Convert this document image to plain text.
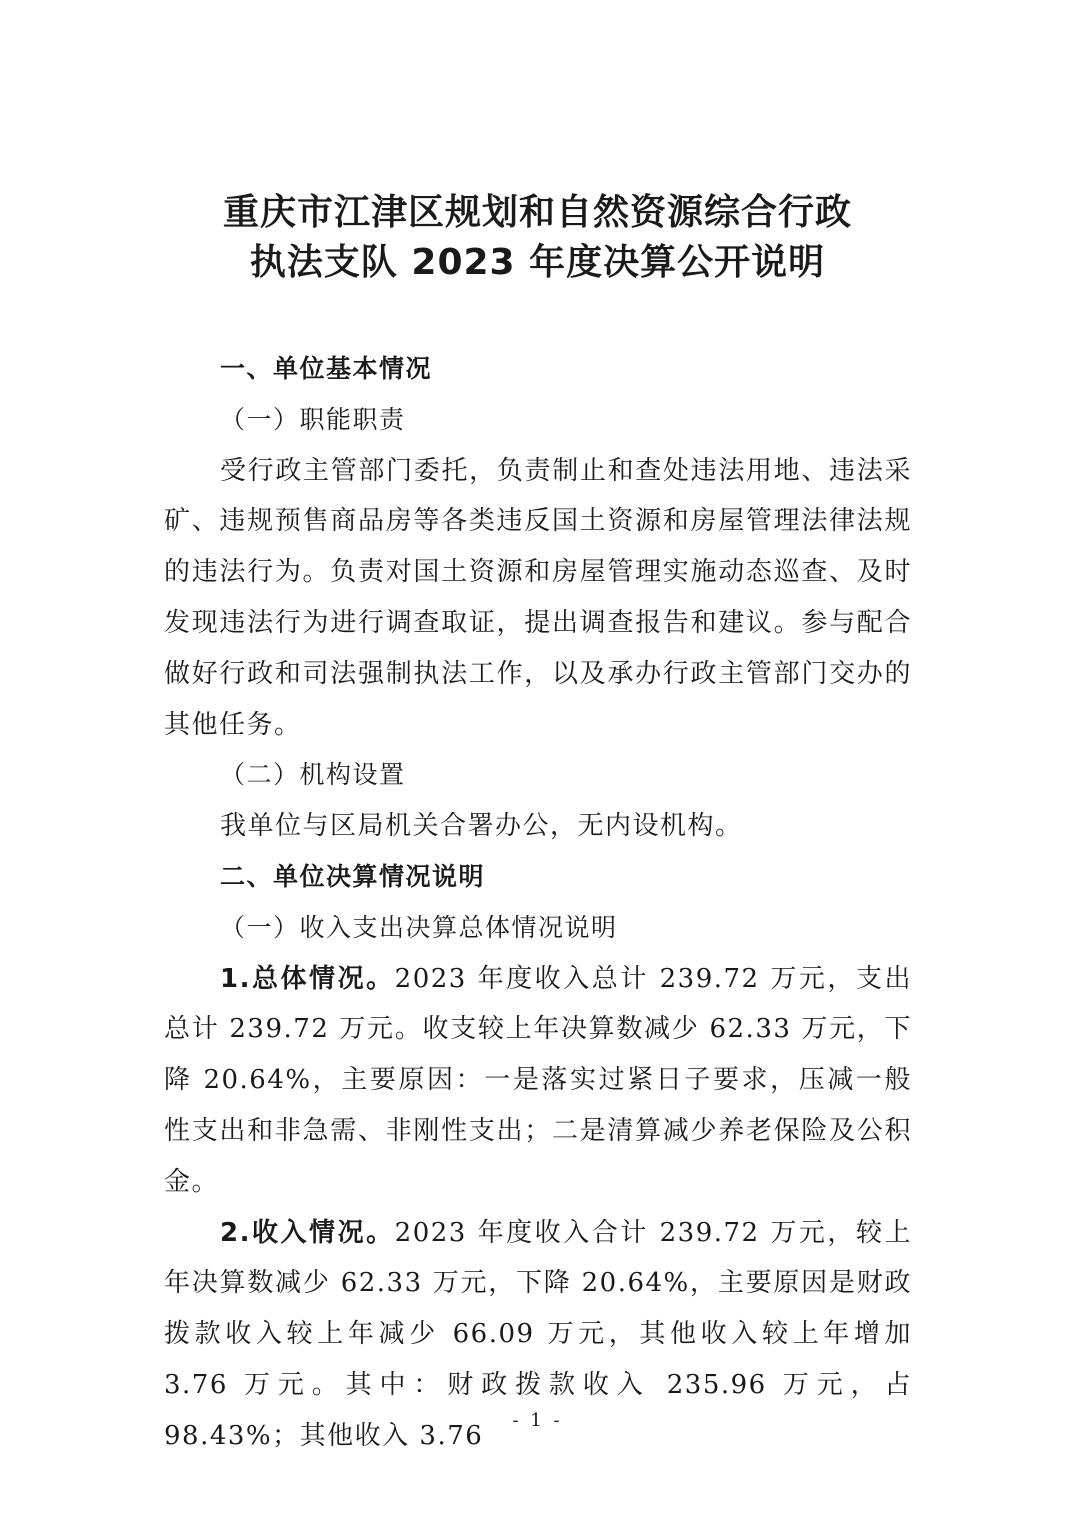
重庆市江津区规划和自然资源综合行政
执法支队 2023 年度决算公开说明

一、单位基本情况

（一）职能职责

受行政主管部门委托，负责制止和查处违法用地、违法采矿、违规预售商品房等各类违反国土资源和房屋管理法律法规的违法行为。负责对国土资源和房屋管理实施动态巡查、及时发现违法行为进行调查取证，提出调查报告和建议。参与配合做好行政和司法强制执法工作，以及承办行政主管部门交办的其他任务。

（二）机构设置

我单位与区局机关合署办公，无内设机构。

二、单位决算情况说明

（一）收入支出决算总体情况说明

1.总体情况。2023 年度收入总计 239.72 万元，支出总计 239.72 万元。收支较上年决算数减少 62.33 万元，下降 20.64%，主要原因：一是落实过紧日子要求，压减一般性支出和非急需、非刚性支出；二是清算减少养老保险及公积金。

2.收入情况。2023 年度收入合计 239.72 万元，较上年决算数减少 62.33 万元，下降 20.64%，主要原因是财政拨款收入较上年减少 66.09 万元，其他收入较上年增加 3.76 万元。其中：财政拨款收入 235.96 万元，占 98.43%；其他收入 3.76

- 1 -
